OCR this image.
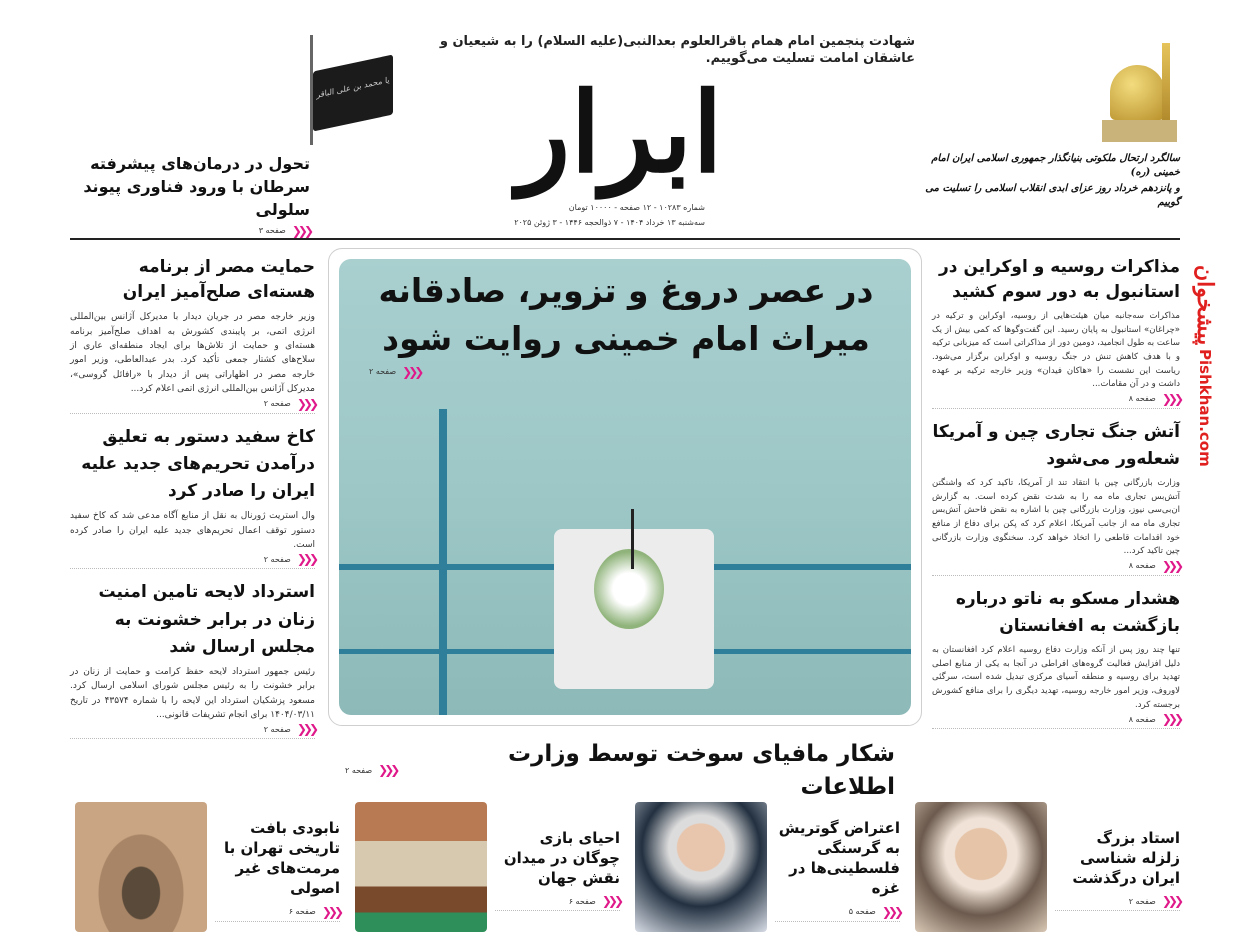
شهادت پنجمین امام همام باقرالعلوم بعدالنبی(علیه السلام) را به شیعیان و عاشقان امامت تسلیت می‌گوییم.
یا محمد بن علی الباقر ابرار
شماره ۱۰۲۸۳ - ۱۲ صفحه - ۱۰۰۰۰ تومان
سه‌شنبه ۱۳ خرداد ۱۴۰۴ - ۷ ذوالحجه ۱۴۴۶ - ۳ ژوئن ۲۰۲۵
سالگرد ارتحال ملکوتی بنیانگذار جمهوری اسلامی ایران امام خمینی (ره)
و پانزدهم خرداد روز عزای ابدی انقلاب اسلامی را تسلیت می گوییم
تحول در درمان‌های پیشرفته سرطان با ورود فناوری پیوند سلولی
❮❮❮
صفحه ۳
حمایت مصر از برنامه هسته‌ای صلح‌آمیز ایران
وزیر خارجه مصر در جریان دیدار با مدیرکل آژانس بین‌المللی انرژی اتمی، بر پایبندی کشورش به اهداف صلح‌آمیز برنامه هسته‌ای و حمایت از تلاش‌ها برای ایجاد منطقه‌ای عاری از سلاح‌های کشتار جمعی تأکید کرد. بدر عبدالعاطی، وزیر امور خارجه مصر در اظهاراتی پس از دیدار با «رافائل گروسی»، مدیرکل آژانس بین‌المللی انرژی اتمی اعلام کرد...
❮❮❮
صفحه ۲
کاخ سفید دستور به تعلیق درآمدن تحریم‌های جدید علیه ایران را صادر کرد
وال استریت ژورنال به نقل از منابع آگاه مدعی شد که کاخ سفید دستور توقف اعمال تحریم‌های جدید علیه ایران را صادر کرده است.
❮❮❮
صفحه ۲
استرداد لایحه تامین امنیت زنان در برابر خشونت به مجلس ارسال شد
رئیس جمهور استرداد لایحه حفظ کرامت و حمایت از زنان در برابر خشونت را به رئیس مجلس شورای اسلامی ارسال کرد. مسعود پزشکیان استرداد این لایحه را با شماره ۴۳۵۷۴ در تاریخ ۱۴۰۴/۰۳/۱۱ برای انجام تشریفات قانونی...
❮❮❮
صفحه ۲
در عصر دروغ و تزویر، صادقانه میراث امام خمینی روایت شود
❮❮❮
صفحه ۲
شکار مافیای سوخت توسط وزارت اطلاعات
❮❮❮
صفحه ۲
مذاکرات روسیه و اوکراین در استانبول به دور سوم کشید
مذاکرات سه‌جانبه میان هیئت‌هایی از روسیه، اوکراین و ترکیه در «چراغان» استانبول به پایان رسید. این گفت‌وگوها که کمی بیش از یک ساعت به طول انجامید، دومین دور از مذاکراتی است که میزبانی ترکیه و با هدف کاهش تنش در جنگ روسیه و اوکراین برگزار می‌شود. ریاست این نشست را «هاکان فیدان» وزیر خارجه ترکیه بر عهده داشت و در آن مقامات...
❮❮❮
صفحه ۸
آتش جنگ تجاری چین و آمریکا شعله‌ور می‌شود
وزارت بازرگانی چین با انتقاد تند از آمریکا، تاکید کرد که واشنگتن آتش‌بس تجاری ماه مه را به شدت نقض کرده است. به گزارش ان‌بی‌سی نیوز، وزارت بازرگانی چین با اشاره به نقض فاحش آتش‌بس تجاری ماه مه از جانب آمریکا، اعلام کرد که پکن برای دفاع از منافع خود اقدامات قاطعی را اتخاذ خواهد کرد. سخنگوی وزارت بازرگانی چین تاکید کرد...
❮❮❮
صفحه ۸
هشدار مسکو به ناتو درباره بازگشت به افغانستان
تنها چند روز پس از آنکه وزارت دفاع روسیه اعلام کرد افغانستان به دلیل افزایش فعالیت گروه‌های افراطی در آنجا به یکی از منابع اصلی تهدید برای روسیه و منطقه آسیای مرکزی تبدیل شده است، سرگئی لاوروف، وزیر امور خارجه روسیه، تهدید دیگری را برای منافع کشورش برجسته کرد.
❮❮❮
صفحه ۸
پیشخوان
Pishkhan.com
استاد بزرگ زلزله شناسی ایران درگذشت
❮❮❮
صفحه ۲
اعتراض گوتریش به گرسنگی فلسطینی‌ها در غزه
❮❮❮
صفحه ۵
احیای بازی چوگان در میدان نقش جهان
❮❮❮
صفحه ۶
نابودی بافت تاریخی تهران با مرمت‌های غیر اصولی
❮❮❮
صفحه ۶
